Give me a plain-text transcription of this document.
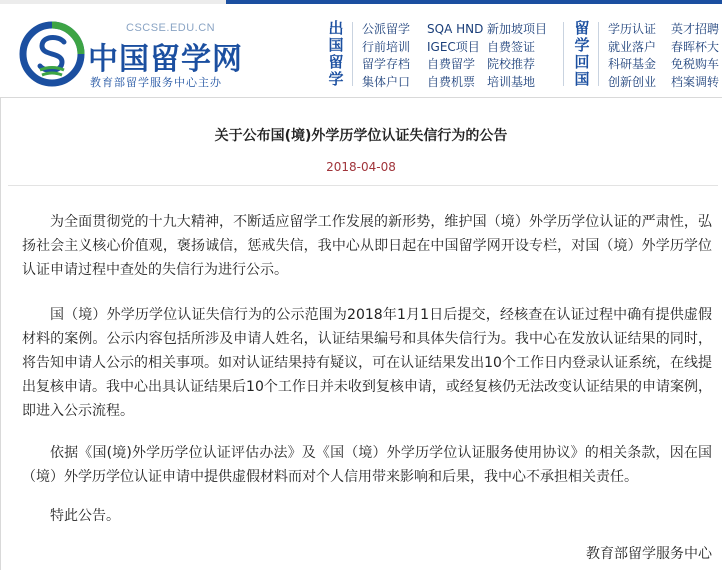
CSCSE.EDU.CN
中国留学网
教育部留学服务中心主办
出国留学
公派留学
行前培训
留学存档
集体户口
SQA HND
IGEC项目
自费留学
自费机票
新加坡项目
自费签证
院校推荐
培训基地
留学回国
学历认证
就业落户
科研基金
创新创业
英才招聘
春晖杯大
免税购车
档案调转
关于公布国(境)外学历学位认证失信行为的公告
2018-04-08

为全面贯彻党的十九大精神，不断适应留学工作发展的新形势，维护国（境）外学历学位认证的严肃性，弘扬社会主义核心价值观，褒扬诚信，惩戒失信，我中心从即日起在中国留学网开设专栏，对国（境）外学历学位认证申请过程中查处的失信行为进行公示。

国（境）外学历学位认证失信行为的公示范围为2018年1月1日后提交，经核查在认证过程中确有提供虚假材料的案例。公示内容包括所涉及申请人姓名，认证结果编号和具体失信行为。我中心在发放认证结果的同时，将告知申请人公示的相关事项。如对认证结果持有疑议，可在认证结果发出10个工作日内登录认证系统，在线提出复核申请。我中心出具认证结果后10个工作日并未收到复核申请，或经复核仍无法改变认证结果的申请案例，即进入公示流程。

依据《国(境)外学历学位认证评估办法》及《国（境）外学历学位认证服务使用协议》的相关条款，因在国（境）外学历学位认证申请中提供虚假材料而对个人信用带来影响和后果，我中心不承担相关责任。

特此公告。

教育部留学服务中心
